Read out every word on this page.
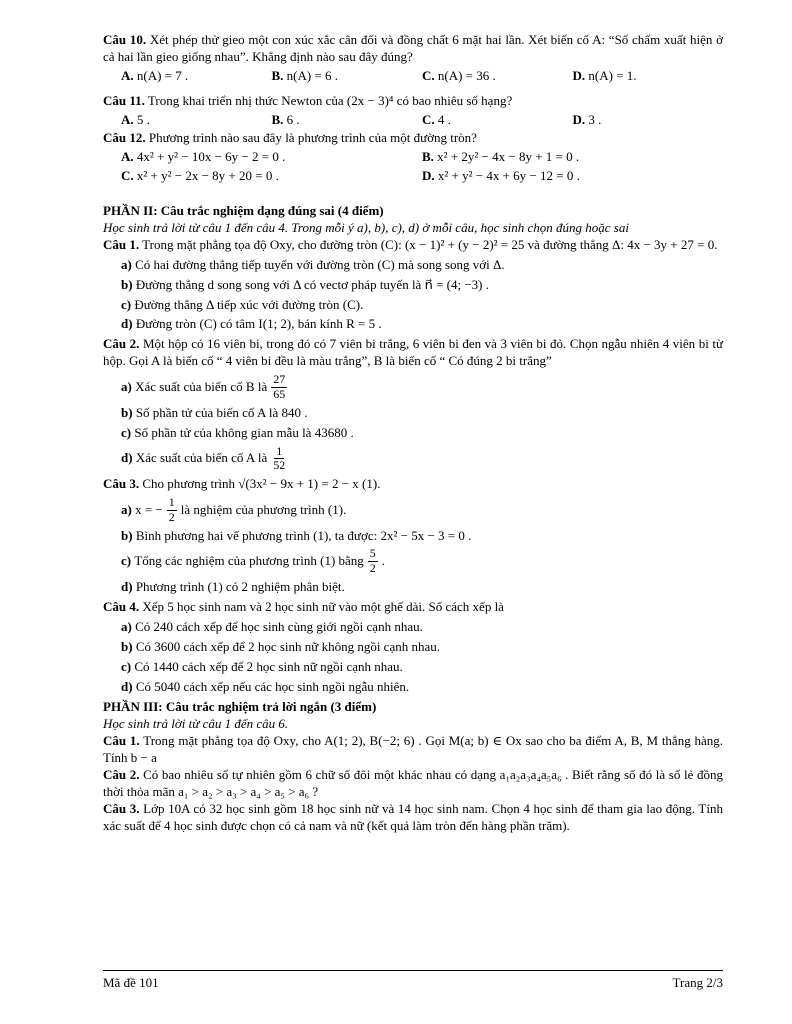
Câu 10. Xét phép thử gieo một con xúc xắc cân đối và đồng chất 6 mặt hai lần. Xét biến cố A: “Số chấm xuất hiện ở cả hai lần gieo giống nhau”. Khẳng định nào sau đây đúng?

A. n(A) = 7 .	B. n(A) = 6 .	C. n(A) = 36 .	D. n(A) = 1.

Câu 11. Trong khai triển nhị thức Newton của (2x − 3)⁴ có bao nhiêu số hạng?

A. 5 .	B. 6 .	C. 4 .	D. 3 .

Câu 12. Phương trình nào sau đây là phương trình của một đường tròn?

A. 4x² + y² − 10x − 6y − 2 = 0 .	B. x² + 2y² − 4x − 8y + 1 = 0 .
C. x² + y² − 2x − 8y + 20 = 0 .	D. x² + y² − 4x + 6y − 12 = 0 .
PHẦN II: Câu trắc nghiệm dạng đúng sai (4 điểm)

Học sinh trả lời từ câu 1 đến câu 4. Trong mỗi ý a), b), c), d) ở mỗi câu, học sinh chọn đúng hoặc sai

Câu 1. Trong mặt phẳng tọa độ Oxy, cho đường tròn (C): (x − 1)² + (y − 2)² = 25 và đường thẳng Δ: 4x − 3y + 27 = 0.

a)
Có hai đường thẳng tiếp tuyến với đường tròn (C) mà song song với Δ.
b)
Đường thẳng d song song với Δ có vectơ pháp tuyến là n⃗ = (4; −3) .
c)
Đường thẳng Δ tiếp xúc với đường tròn (C).
d)
Đường tròn (C) có tâm I(1; 2), bán kính R = 5 .

Câu 2. Một hộp có 16 viên bi, trong đó có 7 viên bi trắng, 6 viên bi đen và 3 viên bi đỏ. Chọn ngẫu nhiên 4 viên bi từ hộp. Gọi A là biến cố “ 4 viên bi đều là màu trắng”, B là biến cố “ Có đúng 2 bi trắng”

a)
Xác suất của biến cố B là $\frac{27}{65}$
b)
Số phần tử của biến cố A là 840 .
c)
Số phần tử của không gian mẫu là 43680 .
d)
Xác suất của biến cố A là $\frac{1}{52}$

Câu 3. Cho phương trình √(3x² − 9x + 1) = 2 − x (1).

a)
x = − $\frac{1}{2}$ là nghiệm của phương trình (1).
b)
Bình phương hai vế phương trình (1), ta được: 2x² − 5x − 3 = 0 .
c)
Tổng các nghiệm của phương trình (1) bằng $\frac{5}{2}$ .
d)
Phương trình (1) có 2 nghiệm phân biệt.

Câu 4. Xếp 5 học sinh nam và 2 học sinh nữ vào một ghế dài. Số cách xếp là

a)
Có 240 cách xếp để học sinh cùng giới ngồi cạnh nhau.
b)
Có 3600 cách xếp để 2 học sinh nữ không ngồi cạnh nhau.
c)
Có 1440 cách xếp để 2 học sinh nữ ngồi cạnh nhau.
d)
Có 5040 cách xếp nếu các học sinh ngồi ngẫu nhiên.
PHẦN III: Câu trắc nghiệm trả lời ngắn (3 điểm)

Học sinh trả lời từ câu 1 đến câu 6.

Câu 1. Trong mặt phẳng tọa độ Oxy, cho A(1; 2), B(−2; 6) . Gọi M(a; b) ∈ Ox sao cho ba điểm A, B, M thẳng hàng. Tính b − a

Câu 2. Có bao nhiêu số tự nhiên gồm 6 chữ số đôi một khác nhau có dạng a₁a₂a₃a₄a₅a₆ . Biết rằng số đó là số lẻ đồng thời thỏa mãn a₁ > a₂ > a₃ > a₄ > a₅ > a₆ ?

Câu 3. Lớp 10A có 32 học sinh gồm 18 học sinh nữ và 14 học sinh nam. Chọn 4 học sinh để tham gia lao động. Tính xác suất để 4 học sinh được chọn có cả nam và nữ (kết quả làm tròn đến hàng phần trăm).

Mã đề 101	Trang 2/3
